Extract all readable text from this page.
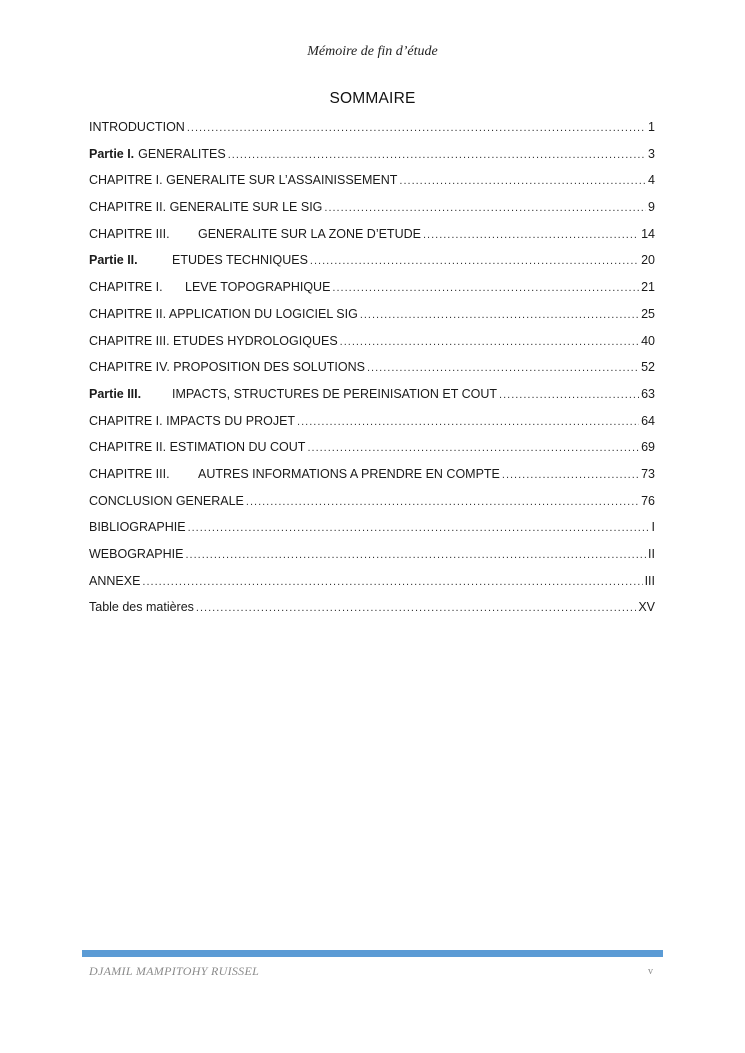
Mémoire de fin d’étude
SOMMAIRE
INTRODUCTION .....	1
Partie I. GENERALITES .....	3
CHAPITRE I. GENERALITE SUR L’ASSAINISSEMENT .....	4
CHAPITRE II. GENERALITE SUR LE SIG .....	9
CHAPITRE III.	GENERALITE SUR LA ZONE D’ETUDE .....	14
Partie II.	ETUDES TECHNIQUES .....	20
CHAPITRE I.	LEVE TOPOGRAPHIQUE .....	21
CHAPITRE II. APPLICATION DU LOGICIEL SIG .....	25
CHAPITRE III. ETUDES HYDROLOGIQUES .....	40
CHAPITRE IV. PROPOSITION DES SOLUTIONS .....	52
Partie III.	IMPACTS, STRUCTURES DE PEREINISATION ET COUT .....	63
CHAPITRE I. IMPACTS DU PROJET .....	64
CHAPITRE II. ESTIMATION DU COUT .....	69
CHAPITRE III.	AUTRES INFORMATIONS A PRENDRE EN COMPTE .....	73
CONCLUSION GENERALE .....	76
BIBLIOGRAPHIE .....	I
WEBOGRAPHIE .....	II
ANNEXE .....	III
Table des matières .....	XV
DJAMIL MAMPITOHY RUISSEL	v
